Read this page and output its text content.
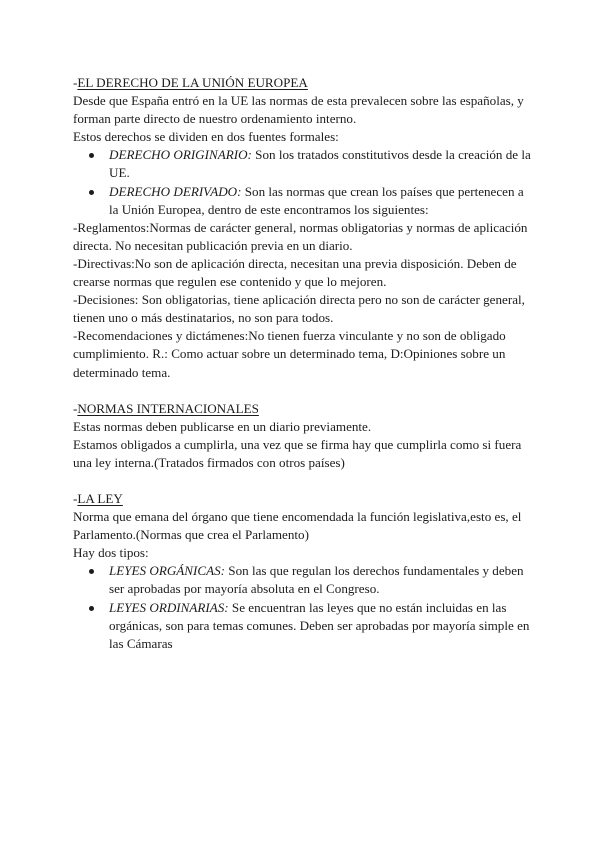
-EL DERECHO DE LA UNIÓN EUROPEA

Desde que España entró en la UE las normas de esta prevalecen sobre las españolas, y forman parte directo de nuestro ordenamiento interno.

Estos derechos se dividen en dos fuentes formales:

DERECHO ORIGINARIO: Son los tratados constitutivos desde la creación de la UE.
DERECHO DERIVADO: Son las normas que crean los países que pertenecen a la Unión Europea, dentro de este encontramos los siguientes:

-Reglamentos:Normas de carácter general, normas obligatorias y normas de aplicación directa. No necesitan publicación previa en un diario.

-Directivas:No son de aplicación directa, necesitan una previa disposición. Deben de crearse normas que regulen ese contenido y que lo mejoren.

-Decisiones: Son obligatorias, tiene aplicación directa pero no son de carácter general, tienen uno o más destinatarios, no son para todos.

-Recomendaciones y dictámenes:No tienen fuerza vinculante y no son de obligado cumplimiento. R.: Como actuar sobre un determinado tema, D:Opiniones sobre un determinado tema.

-NORMAS INTERNACIONALES

Estas normas deben publicarse en un diario previamente.

Estamos obligados a cumplirla, una vez que se firma hay que cumplirla como si fuera una ley interna.(Tratados firmados con otros países)

-LA LEY

Norma que emana del órgano que tiene encomendada la función legislativa,esto es, el Parlamento.(Normas que crea el Parlamento)

Hay dos tipos:

LEYES ORGÁNICAS: Son las que regulan los derechos fundamentales y deben ser aprobadas por mayoría absoluta en el Congreso.
LEYES ORDINARIAS: Se encuentran las leyes que no están incluidas en las orgánicas, son para temas comunes. Deben ser aprobadas por mayoría simple en las Cámaras
